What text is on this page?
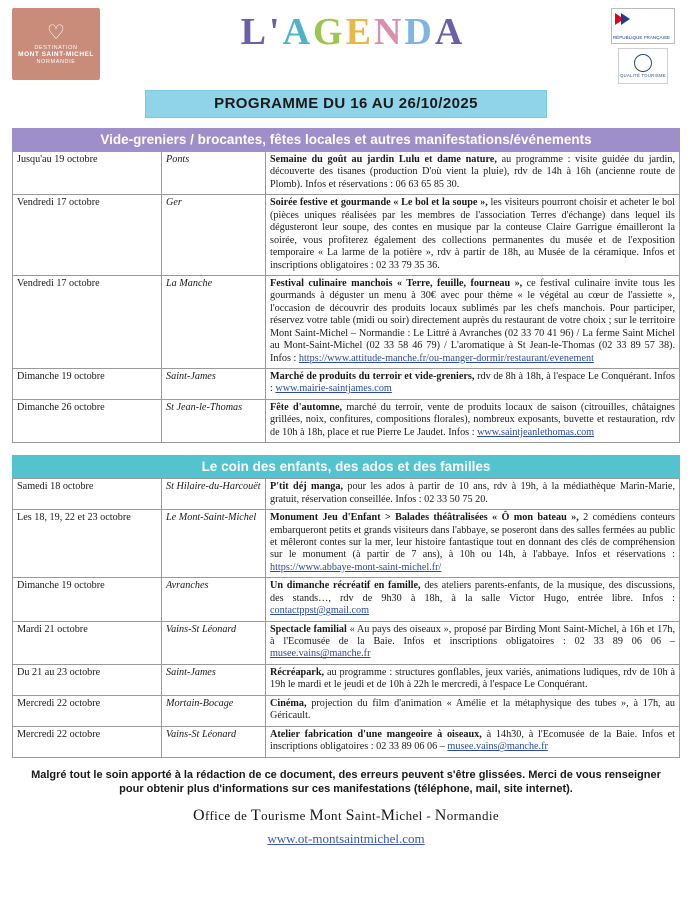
♡
DESTINATION
MONT SAINT-MICHEL
NORMANDIE
L'AGENDA	RÉPUBLIQUE FRANÇAISE
QUALITÉ TOURISME
PROGRAMME DU 16 AU 26/10/2025
Vide-greniers / brocantes, fêtes locales et autres manifestations/événements
Jusqu'au 19 octobre	Ponts	Semaine du goût au jardin Lulu et dame nature, au programme : visite guidée du jardin, découverte des tisanes (production D'où vient la pluie), rdv de 14h à 16h (ancienne route de Plomb). Infos et réservations : 06 63 65 85 30.
Vendredi 17 octobre	Ger	Soirée festive et gourmande « Le bol et la soupe », les visiteurs pourront choisir et acheter le bol (pièces uniques réalisées par les membres de l'association Terres d'échange) dans lequel ils dégusteront leur soupe, des contes en musique par la conteuse Claire Garrigue émailleront la soirée, vous profiterez également des collections permanentes du musée et de l'exposition temporaire « La larme de la potière », rdv à partir de 18h, au Musée de la céramique. Infos et inscriptions obligatoires : 02 33 79 35 36.
Vendredi 17 octobre	La Manche	Festival culinaire manchois « Terre, feuille, fourneau », ce festival culinaire invite tous les gourmands à déguster un menu à 30€ avec pour thème « le végétal au cœur de l'assiette », l'occasion de découvrir des produits locaux sublimés par les chefs manchois. Pour participer, réservez votre table (midi ou soir) directement auprès du restaurant de votre choix ; sur le territoire Mont Saint-Michel – Normandie : Le Littré à Avranches (02 33 70 41 96) / La ferme Saint Michel au Mont-Saint-Michel (02 33 58 46 79) / L'aromatique à St Jean-le-Thomas (02 33 89 57 38). Infos : https://www.attitude-manche.fr/ou-manger-dormir/restaurant/evenement
Dimanche 19 octobre	Saint-James	Marché de produits du terroir et vide-greniers, rdv de 8h à 18h, à l'espace Le Conquérant. Infos : www.mairie-saintjames.com
Dimanche 26 octobre	St Jean-le-Thomas	Fête d'automne, marché du terroir, vente de produits locaux de saison (citrouilles, châtaignes grillées, noix, confitures, compositions florales), nombreux exposants, buvette et restauration, rdv de 10h à 18h, place et rue Pierre Le Jaudet. Infos : www.saintjeanlethomas.com
Le coin des enfants, des ados et des familles
Samedi 18 octobre	St Hilaire-du-Harcouët	P'tit déj manga, pour les ados à partir de 10 ans, rdv à 19h, à la médiathèque Marin-Marie, gratuit, réservation conseillée. Infos : 02 33 50 75 20.
Les 18, 19, 22 et 23 octobre	Le Mont-Saint-Michel	Monument Jeu d'Enfant > Balades théâtralisées « Ô mon bateau », 2 comédiens conteurs embarqueront petits et grands visiteurs dans l'abbaye, se poseront dans des salles fermées au public et mêleront contes sur la mer, leur histoire fantastique tout en donnant des clés de compréhension sur le monument (à partir de 7 ans), à 10h ou 14h, à l'abbaye. Infos et réservations : https://www.abbaye-mont-saint-michel.fr/
Dimanche 19 octobre	Avranches	Un dimanche récréatif en famille, des ateliers parents-enfants, de la musique, des discussions, des stands…, rdv de 9h30 à 18h, à la salle Victor Hugo, entrée libre. Infos : contactppst@gmail.com
Mardi 21 octobre	Vains-St Léonard	Spectacle familial « Au pays des oiseaux », proposé par Birding Mont Saint-Michel, à 16h et 17h, à l'Ecomusée de la Baie. Infos et inscriptions obligatoires : 02 33 89 06 06 – musee.vains@manche.fr
Du 21 au 23 octobre	Saint-James	Récréapark, au programme : structures gonflables, jeux variés, animations ludiques, rdv de 10h à 19h le mardi et le jeudi et de 10h à 22h le mercredi, à l'espace Le Conquérant.
Mercredi 22 octobre	Mortain-Bocage	Cinéma, projection du film d'animation « Amélie et la métaphysique des tubes », à 17h, au Géricault.
Mercredi 22 octobre	Vains-St Léonard	Atelier fabrication d'une mangeoire à oiseaux, à 14h30, à l'Ecomusée de la Baie. Infos et inscriptions obligatoires : 02 33 89 06 06 – musee.vains@manche.fr
Malgré tout le soin apporté à la rédaction de ce document, des erreurs peuvent s'être glissées. Merci de vous renseigner pour obtenir plus d'informations sur ces manifestations (téléphone, mail, site internet).
Office de Tourisme Mont Saint-Michel - Normandie
www.ot-montsaintmichel.com
